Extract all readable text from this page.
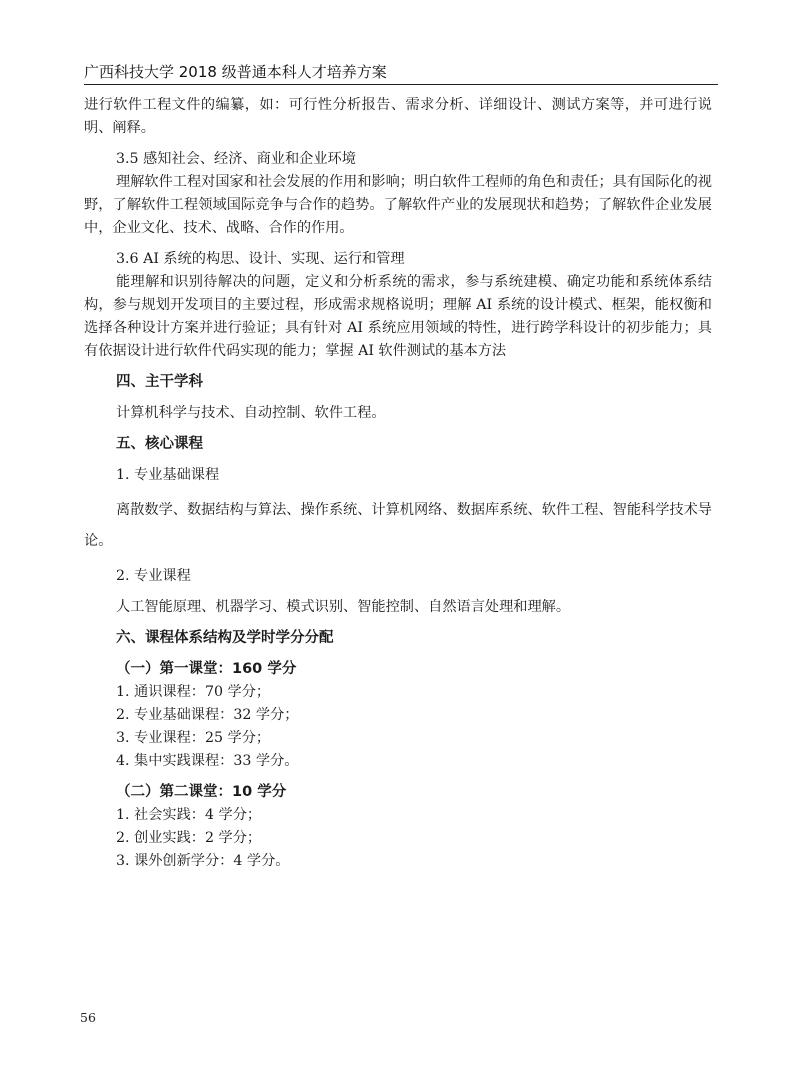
广西科技大学 2018 级普通本科人才培养方案

进行软件工程文件的编纂，如：可行性分析报告、需求分析、详细设计、测试方案等，并可进行说明、阐释。

3.5 感知社会、经济、商业和企业环境

理解软件工程对国家和社会发展的作用和影响；明白软件工程师的角色和责任；具有国际化的视野，了解软件工程领域国际竞争与合作的趋势。了解软件产业的发展现状和趋势；了解软件企业发展中，企业文化、技术、战略、合作的作用。

3.6 AI 系统的构思、设计、实现、运行和管理

能理解和识别待解决的问题，定义和分析系统的需求，参与系统建模、确定功能和系统体系结构，参与规划开发项目的主要过程，形成需求规格说明；理解 AI 系统的设计模式、框架，能权衡和选择各种设计方案并进行验证；具有针对 AI 系统应用领域的特性，进行跨学科设计的初步能力；具有依据设计进行软件代码实现的能力；掌握 AI 软件测试的基本方法

四、主干学科

计算机科学与技术、自动控制、软件工程。

五、核心课程

1. 专业基础课程

离散数学、数据结构与算法、操作系统、计算机网络、数据库系统、软件工程、智能科学技术导论。

2. 专业课程

人工智能原理、机器学习、模式识别、智能控制、自然语言处理和理解。

六、课程体系结构及学时学分分配

（一）第一课堂：160 学分

1. 通识课程：70 学分；

2. 专业基础课程：32 学分；

3. 专业课程：25 学分；

4. 集中实践课程：33 学分。

（二）第二课堂：10 学分

1. 社会实践：4 学分；

2. 创业实践：2 学分；

3. 课外创新学分：4 学分。

56
